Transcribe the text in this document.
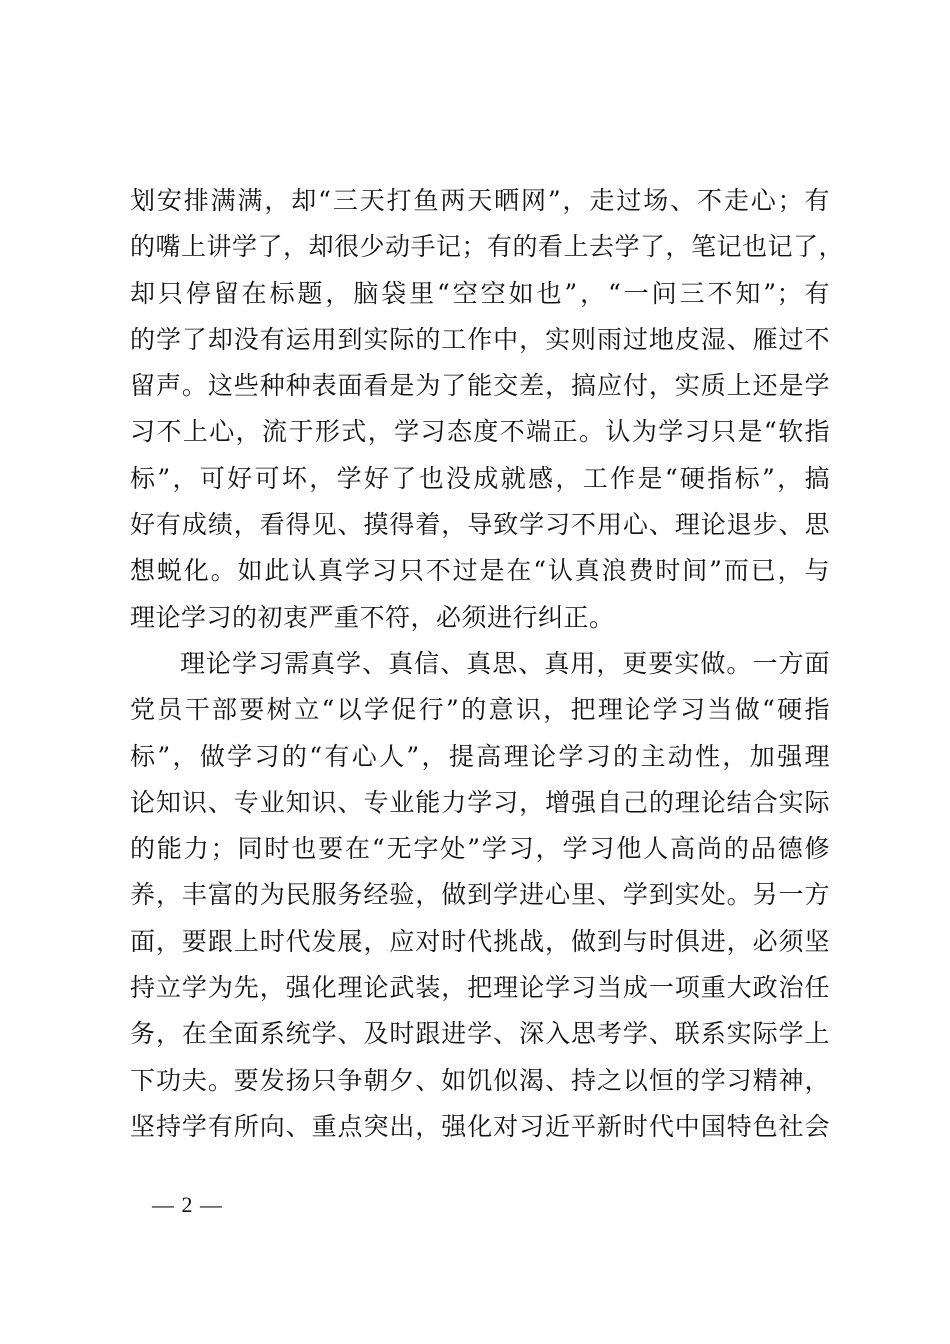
划安排满满，却“三天打鱼两天晒网”，走过场、不走心；有
的嘴上讲学了，却很少动手记；有的看上去学了，笔记也记了，
却只停留在标题，脑袋里“空空如也”，“一问三不知”；有
的学了却没有运用到实际的工作中，实则雨过地皮湿、雁过不
留声。这些种种表面看是为了能交差，搞应付，实质上还是学
习不上心，流于形式，学习态度不端正。认为学习只是“软指
标”，可好可坏，学好了也没成就感，工作是“硬指标”，搞
好有成绩，看得见、摸得着，导致学习不用心、理论退步、思
想蜕化。如此认真学习只不过是在“认真浪费时间”而已，与
理论学习的初衷严重不符，必须进行纠正。
理论学习需真学、真信、真思、真用，更要实做。一方面
党员干部要树立“以学促行”的意识，把理论学习当做“硬指
标”，做学习的“有心人”，提高理论学习的主动性，加强理
论知识、专业知识、专业能力学习，增强自己的理论结合实际
的能力；同时也要在“无字处”学习，学习他人高尚的品德修
养，丰富的为民服务经验，做到学进心里、学到实处。另一方
面，要跟上时代发展，应对时代挑战，做到与时俱进，必须坚
持立学为先，强化理论武装，把理论学习当成一项重大政治任
务，在全面系统学、及时跟进学、深入思考学、联系实际学上
下功夫。要发扬只争朝夕、如饥似渴、持之以恒的学习精神，
坚持学有所向、重点突出，强化对习近平新时代中国特色社会
— 2 —
